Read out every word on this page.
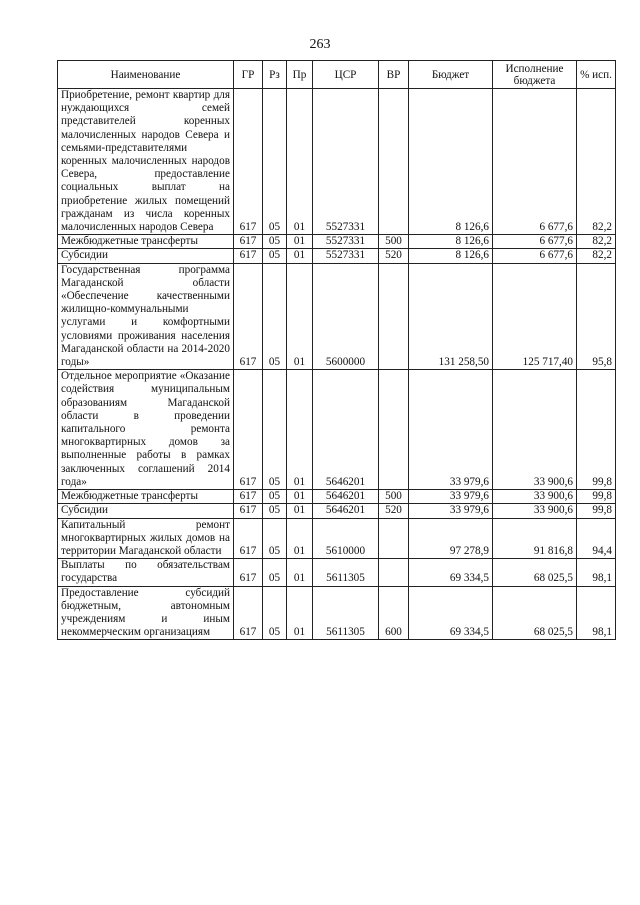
263
Наименование	ГР	Рз	Пр	ЦСР	ВР	Бюджет	Исполнение бюджета	% исп.
Приобретение, ремонт квартир для нуждающихся семей представителей коренных малочисленных народов Севера и семьями-представителями коренных малочисленных народов Севера, предоставление социальных выплат на приобретение жилых помещений гражданам из числа коренных малочисленных народов Севера	617	05	01	5527331		8 126,6	6 677,6	82,2
Межбюджетные трансферты	617	05	01	5527331	500	8 126,6	6 677,6	82,2
Субсидии	617	05	01	5527331	520	8 126,6	6 677,6	82,2
Государственная программа Магаданской области «Обеспечение качественными жилищно-коммунальными услугами и комфортными условиями проживания населения Магаданской области на 2014-2020 годы»	617	05	01	5600000		131 258,50	125 717,40	95,8
Отдельное мероприятие «Оказание содействия муниципальным образованиям Магаданской области в проведении капитального ремонта многоквартирных домов за выполненные работы в рамках заключенных соглашений 2014 года»	617	05	01	5646201		33 979,6	33 900,6	99,8
Межбюджетные трансферты	617	05	01	5646201	500	33 979,6	33 900,6	99,8
Субсидии	617	05	01	5646201	520	33 979,6	33 900,6	99,8
Капитальный ремонт многоквартирных жилых домов на территории Магаданской области	617	05	01	5610000		97 278,9	91 816,8	94,4
Выплаты по обязательствам государства	617	05	01	5611305		69 334,5	68 025,5	98,1
Предоставление субсидий бюджетным, автономным учреждениям и иным некоммерческим организациям	617	05	01	5611305	600	69 334,5	68 025,5	98,1
